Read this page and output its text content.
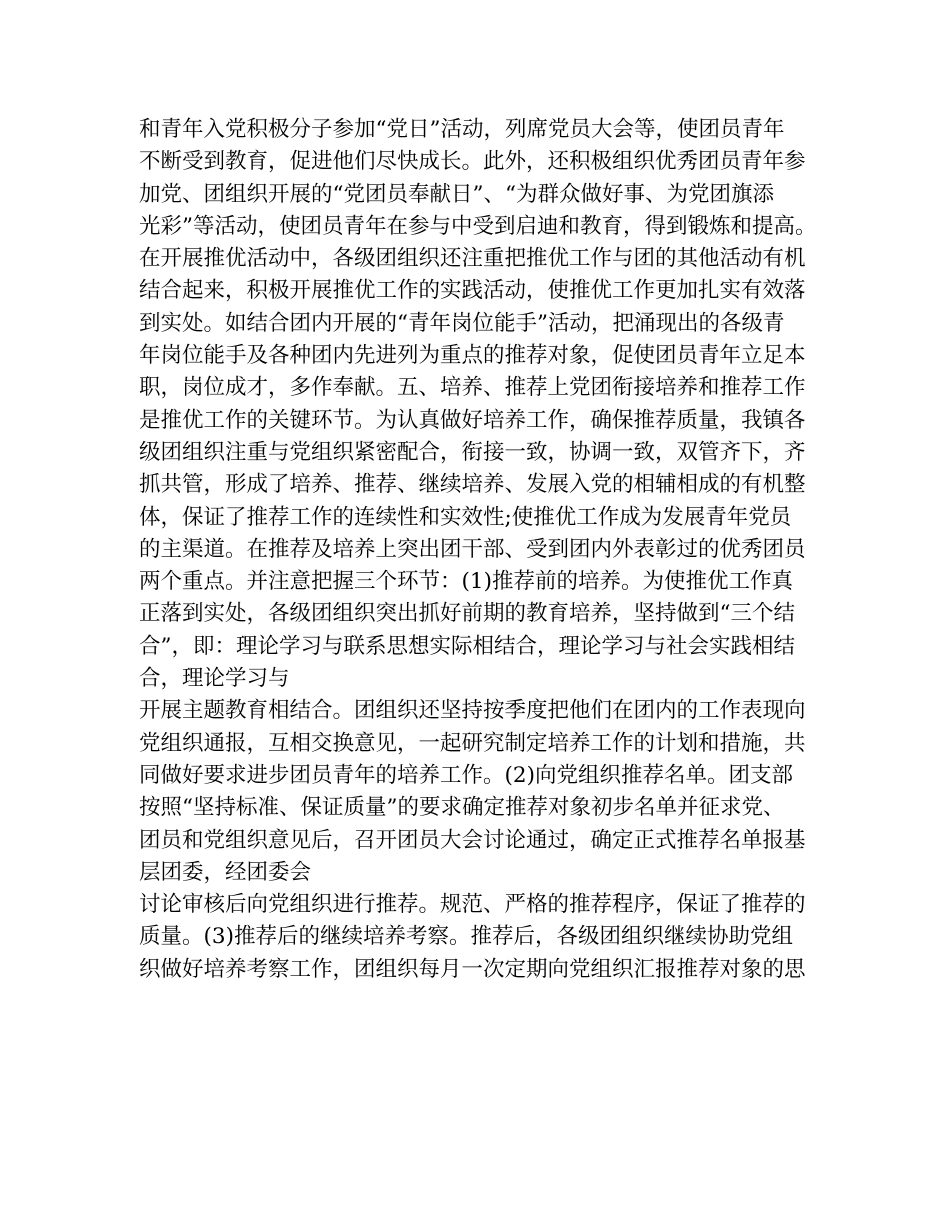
和青年入党积极分子参加“党日”活动，列席党员大会等，使团员青年
不断受到教育，促进他们尽快成长。此外，还积极组织优秀团员青年参
加党、团组织开展的“党团员奉献日”、“为群众做好事、为党团旗添
光彩”等活动，使团员青年在参与中受到启迪和教育，得到锻炼和提高。
在开展推优活动中，各级团组织还注重把推优工作与团的其他活动有机
结合起来，积极开展推优工作的实践活动，使推优工作更加扎实有效落
到实处。如结合团内开展的“青年岗位能手”活动，把涌现出的各级青
年岗位能手及各种团内先进列为重点的推荐对象，促使团员青年立足本
职，岗位成才，多作奉献。五、培养、推荐上党团衔接培养和推荐工作
是推优工作的关键环节。为认真做好培养工作，确保推荐质量，我镇各
级团组织注重与党组织紧密配合，衔接一致，协调一致，双管齐下，齐
抓共管，形成了培养、推荐、继续培养、发展入党的相辅相成的有机整
体，保证了推荐工作的连续性和实效性;使推优工作成为发展青年党员
的主渠道。在推荐及培养上突出团干部、受到团内外表彰过的优秀团员
两个重点。并注意把握三个环节：(1)推荐前的培养。为使推优工作真
正落到实处，各级团组织突出抓好前期的教育培养，坚持做到“三个结
合”，即：理论学习与联系思想实际相结合，理论学习与社会实践相结
合，理论学习与
开展主题教育相结合。团组织还坚持按季度把他们在团内的工作表现向
党组织通报，互相交换意见，一起研究制定培养工作的计划和措施，共
同做好要求进步团员青年的培养工作。(2)向党组织推荐名单。团支部
按照“坚持标准、保证质量”的要求确定推荐对象初步名单并征求党、
团员和党组织意见后，召开团员大会讨论通过，确定正式推荐名单报基
层团委，经团委会
讨论审核后向党组织进行推荐。规范、严格的推荐程序，保证了推荐的
质量。(3)推荐后的继续培养考察。推荐后，各级团组织继续协助党组
织做好培养考察工作，团组织每月一次定期向党组织汇报推荐对象的思
